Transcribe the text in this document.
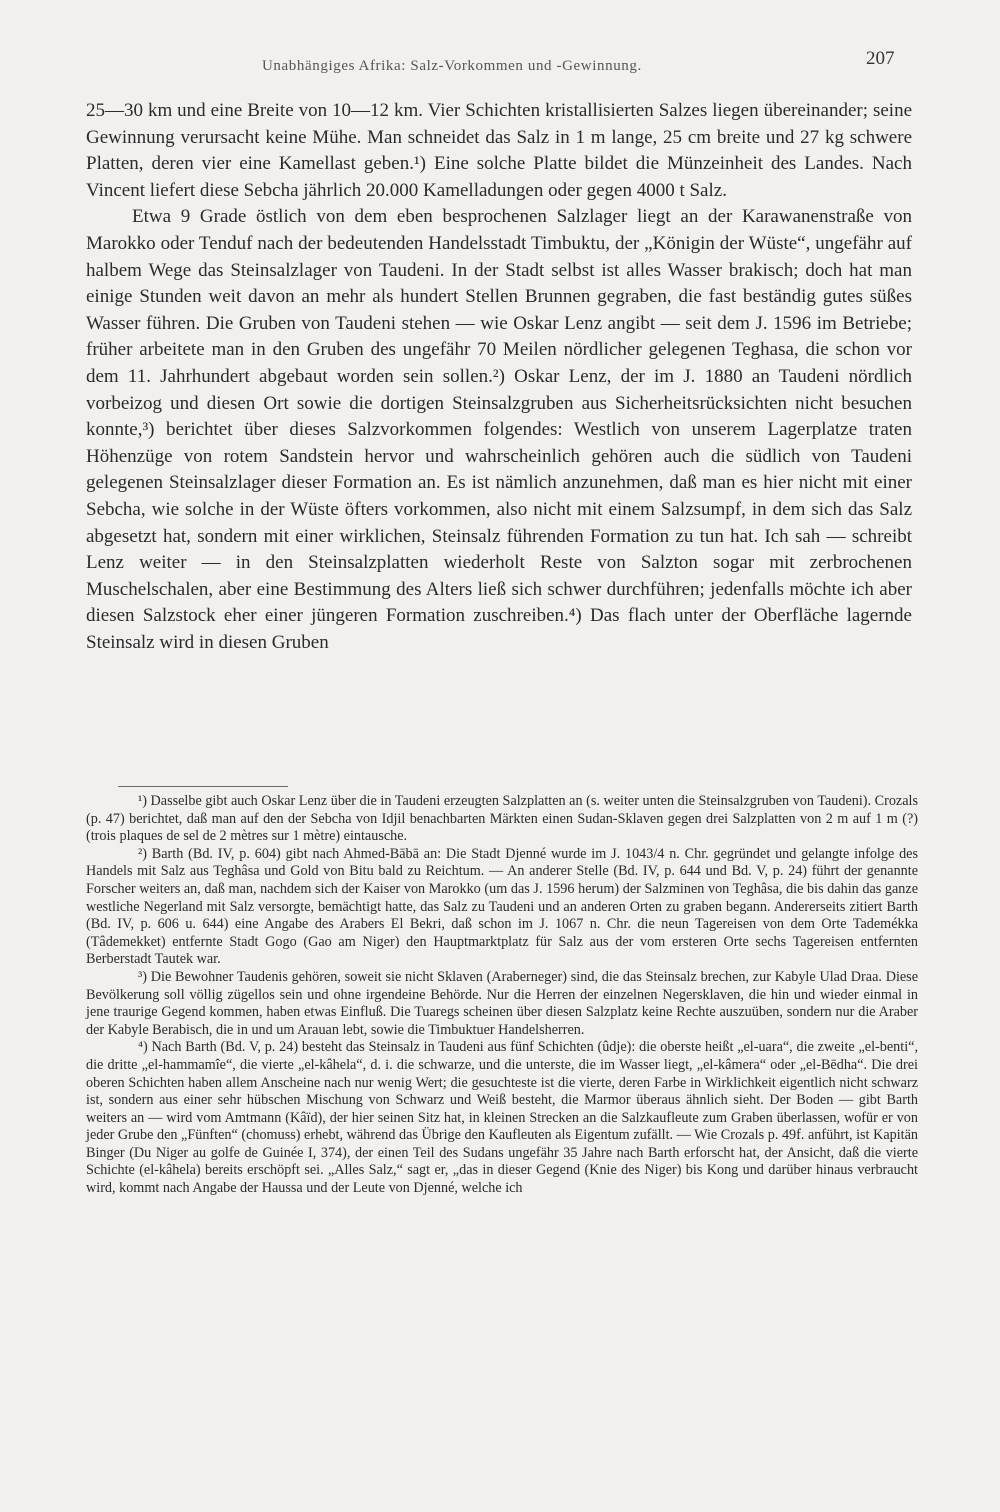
Unabhängiges Afrika: Salz-Vorkommen und -Gewinnung.	207

25—30 km und eine Breite von 10—12 km. Vier Schichten kristallisierten Salzes liegen übereinander; seine Gewinnung verursacht keine Mühe. Man schneidet das Salz in 1 m lange, 25 cm breite und 27 kg schwere Platten, deren vier eine Kamellast geben.¹) Eine solche Platte bildet die Münzeinheit des Landes. Nach Vincent liefert diese Sebcha jährlich 20.000 Kamelladungen oder gegen 4000 t Salz.

Etwa 9 Grade östlich von dem eben besprochenen Salzlager liegt an der Karawanenstraße von Marokko oder Tenduf nach der bedeutenden Handelsstadt Timbuktu, der „Königin der Wüste“, ungefähr auf halbem Wege das Steinsalzlager von Taudeni. In der Stadt selbst ist alles Wasser brakisch; doch hat man einige Stunden weit davon an mehr als hundert Stellen Brunnen gegraben, die fast beständig gutes süßes Wasser führen. Die Gruben von Taudeni stehen — wie Oskar Lenz angibt — seit dem J. 1596 im Betriebe; früher arbeitete man in den Gruben des ungefähr 70 Meilen nördlicher gelegenen Teghasa, die schon vor dem 11. Jahrhundert abgebaut worden sein sollen.²) Oskar Lenz, der im J. 1880 an Taudeni nördlich vorbeizog und diesen Ort sowie die dortigen Steinsalzgruben aus Sicherheitsrücksichten nicht besuchen konnte,³) berichtet über dieses Salzvorkommen folgendes: Westlich von unserem Lagerplatze traten Höhenzüge von rotem Sandstein hervor und wahrscheinlich gehören auch die südlich von Taudeni gelegenen Steinsalzlager dieser Formation an. Es ist nämlich anzunehmen, daß man es hier nicht mit einer Sebcha, wie solche in der Wüste öfters vorkommen, also nicht mit einem Salzsumpf, in dem sich das Salz abgesetzt hat, sondern mit einer wirklichen, Steinsalz führenden Formation zu tun hat. Ich sah — schreibt Lenz weiter — in den Steinsalzplatten wiederholt Reste von Salzton sogar mit zerbrochenen Muschelschalen, aber eine Bestimmung des Alters ließ sich schwer durchführen; jedenfalls möchte ich aber diesen Salzstock eher einer jüngeren Formation zuschreiben.⁴) Das flach unter der Oberfläche lagernde Steinsalz wird in diesen Gruben

¹) Dasselbe gibt auch Oskar Lenz über die in Taudeni erzeugten Salzplatten an (s. weiter unten die Steinsalzgruben von Taudeni). Crozals (p. 47) berichtet, daß man auf den der Sebcha von Idjil benachbarten Märkten einen Sudan-Sklaven gegen drei Salzplatten von 2 m auf 1 m (?) (trois plaques de sel de 2 mètres sur 1 mètre) eintausche.

²) Barth (Bd. IV, p. 604) gibt nach Ahmed-Bābā an: Die Stadt Djenné wurde im J. 1043/4 n. Chr. gegründet und gelangte infolge des Handels mit Salz aus Teghâsa und Gold von Bitu bald zu Reichtum. — An anderer Stelle (Bd. IV, p. 644 und Bd. V, p. 24) führt der genannte Forscher weiters an, daß man, nachdem sich der Kaiser von Marokko (um das J. 1596 herum) der Salzminen von Teghâsa, die bis dahin das ganze westliche Negerland mit Salz versorgte, bemächtigt hatte, das Salz zu Taudeni und an anderen Orten zu graben begann. Andererseits zitiert Barth (Bd. IV, p. 606 u. 644) eine Angabe des Arabers El Bekri, daß schon im J. 1067 n. Chr. die neun Tagereisen von dem Orte Tademékka (Tâdemekket) entfernte Stadt Gogo (Gao am Niger) den Hauptmarktplatz für Salz aus der vom ersteren Orte sechs Tagereisen entfernten Berberstadt Tautek war.

³) Die Bewohner Taudenis gehören, soweit sie nicht Sklaven (Araberneger) sind, die das Steinsalz brechen, zur Kabyle Ulad Draa. Diese Bevölkerung soll völlig zügellos sein und ohne irgendeine Behörde. Nur die Herren der einzelnen Negersklaven, die hin und wieder einmal in jene traurige Gegend kommen, haben etwas Einfluß. Die Tuaregs scheinen über diesen Salzplatz keine Rechte auszuüben, sondern nur die Araber der Kabyle Berabisch, die in und um Arauan lebt, sowie die Timbuktuer Handelsherren.

⁴) Nach Barth (Bd. V, p. 24) besteht das Steinsalz in Taudeni aus fünf Schichten (ûdje): die oberste heißt „el-uara“, die zweite „el-benti“, die dritte „el-hammamîe“, die vierte „el-kâhela“, d. i. die schwarze, und die unterste, die im Wasser liegt, „el-kâmera“ oder „el-Bēdha“. Die drei oberen Schichten haben allem Anscheine nach nur wenig Wert; die gesuchteste ist die vierte, deren Farbe in Wirklichkeit eigentlich nicht schwarz ist, sondern aus einer sehr hübschen Mischung von Schwarz und Weiß besteht, die Marmor überaus ähnlich sieht. Der Boden — gibt Barth weiters an — wird vom Amtmann (Kâïd), der hier seinen Sitz hat, in kleinen Strecken an die Salzkaufleute zum Graben überlassen, wofür er von jeder Grube den „Fünften“ (chomuss) erhebt, während das Übrige den Kaufleuten als Eigentum zufällt. — Wie Crozals p. 49f. anführt, ist Kapitän Binger (Du Niger au golfe de Guinée I, 374), der einen Teil des Sudans ungefähr 35 Jahre nach Barth erforscht hat, der Ansicht, daß die vierte Schichte (el-kâhela) bereits erschöpft sei. „Alles Salz,“ sagt er, „das in dieser Gegend (Knie des Niger) bis Kong und darüber hinaus verbraucht wird, kommt nach Angabe der Haussa und der Leute von Djenné, welche ich
